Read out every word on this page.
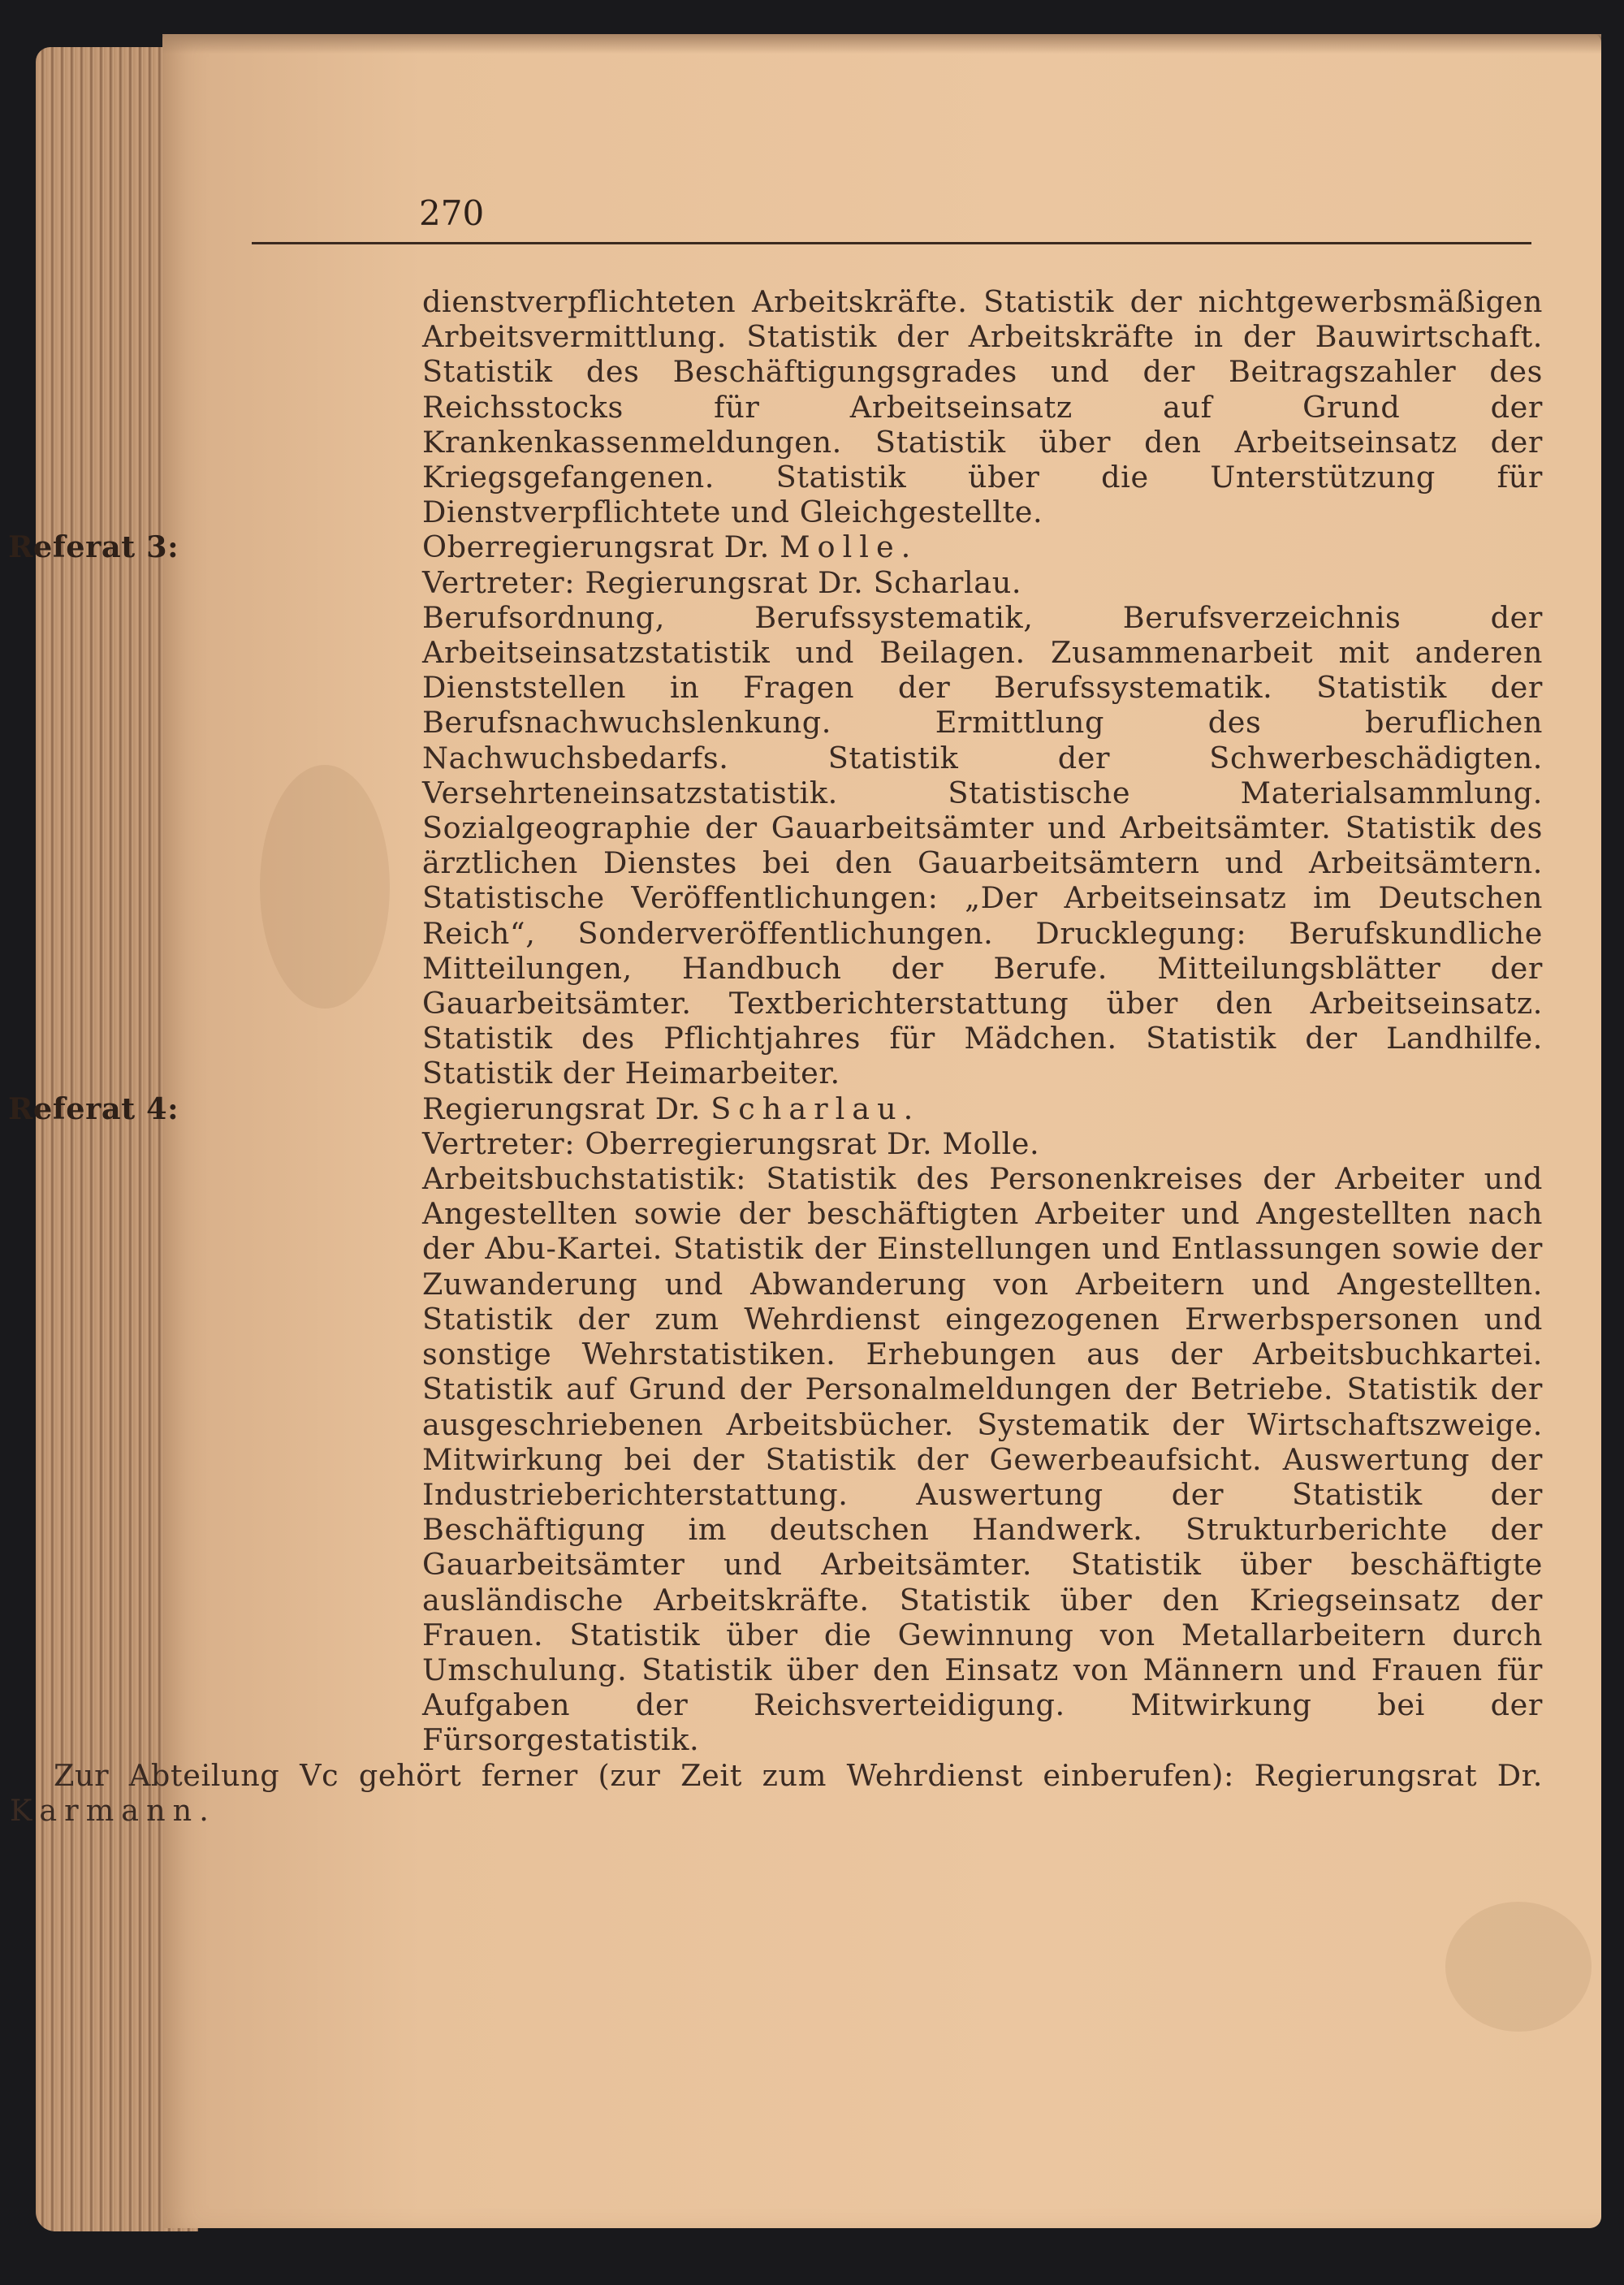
270

dienstverpflichteten Arbeitskräfte. Statistik der nichtgewerbsmäßigen Arbeitsvermittlung. Statistik der Arbeitskräfte in der Bauwirtschaft. Statistik des Beschäftigungsgrades und der Beitragszahler des Reichsstocks für Arbeitseinsatz auf Grund der Krankenkassenmeldungen. Statistik über den Arbeitseinsatz der Kriegsgefangenen. Statistik über die Unterstützung für Dienstverpflichtete und Gleichgestellte.

Referat 3:	Oberregierungsrat Dr. Molle.

Vertreter: Regierungsrat Dr. Scharlau.

Berufsordnung, Berufssystematik, Berufsverzeichnis der Arbeitseinsatzstatistik und Beilagen. Zusammenarbeit mit anderen Dienststellen in Fragen der Berufssystematik. Statistik der Berufsnachwuchslenkung. Ermittlung des beruflichen Nachwuchsbedarfs. Statistik der Schwerbeschädigten. Versehrteneinsatzstatistik. Statistische Materialsammlung. Sozialgeographie der Gauarbeitsämter und Arbeitsämter. Statistik des ärztlichen Dienstes bei den Gauarbeitsämtern und Arbeitsämtern. Statistische Veröffentlichungen: „Der Arbeitseinsatz im Deutschen Reich“, Sonderveröffentlichungen. Drucklegung: Berufskundliche Mitteilungen, Handbuch der Berufe. Mitteilungsblätter der Gauarbeitsämter. Textberichterstattung über den Arbeitseinsatz. Statistik des Pflichtjahres für Mädchen. Statistik der Landhilfe. Statistik der Heimarbeiter.

Referat 4:	Regierungsrat Dr. Scharlau.

Vertreter: Oberregierungsrat Dr. Molle.

Arbeitsbuchstatistik: Statistik des Personenkreises der Arbeiter und Angestellten sowie der beschäftigten Arbeiter und Angestellten nach der Abu-Kartei. Statistik der Einstellungen und Entlassungen sowie der Zuwanderung und Abwanderung von Arbeitern und Angestellten. Statistik der zum Wehrdienst eingezogenen Erwerbspersonen und sonstige Wehrstatistiken. Erhebungen aus der Arbeitsbuchkartei. Statistik auf Grund der Personalmeldungen der Betriebe. Statistik der ausgeschriebenen Arbeitsbücher. Systematik der Wirtschaftszweige. Mitwirkung bei der Statistik der Gewerbeaufsicht. Auswertung der Industrieberichterstattung. Auswertung der Statistik der Beschäftigung im deutschen Handwerk. Strukturberichte der Gauarbeitsämter und Arbeitsämter. Statistik über beschäftigte ausländische Arbeitskräfte. Statistik über den Kriegseinsatz der Frauen. Statistik über die Gewinnung von Metallarbeitern durch Umschulung. Statistik über den Einsatz von Männern und Frauen für Aufgaben der Reichsverteidigung. Mitwirkung bei der Fürsorgestatistik.

Zur Abteilung Vc gehört ferner (zur Zeit zum Wehrdienst einberufen): Regierungsrat Dr. Karmann.
